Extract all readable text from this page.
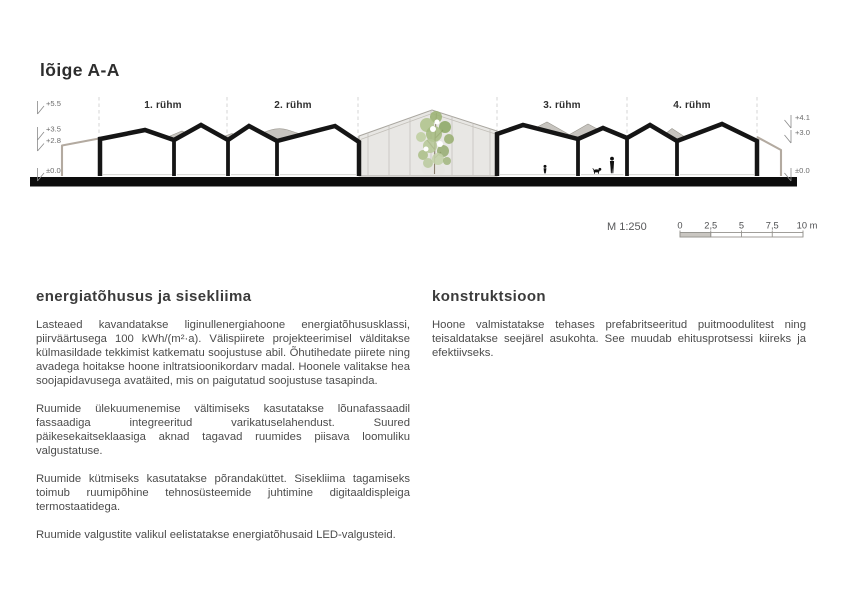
lõige A-A
1. rühm	2. rühm	3. rühm	4. rühm
+5.5
+3.5
+2.8
±0.0
+4.1
+3.0
±0.0
M 1:250	0 2,5 5 7,5 10 m
energiatõhusus ja sisekliima

Lasteaed kavandatakse liginullenergiahoone energiatõhususklassi, piirväärtusega 100 kWh/(m²·a). Välispiirete projekteerimisel välditakse külmasildade tekkimist katkematu soojustuse abil. Õhutihedate piirete ning avadega hoitakse hoone inltratsioonikordarv madal. Hoonele valitakse hea soojapidavusega avatäited, mis on paigutatud soojustuse tasapinda.

Ruumide ülekuumenemise vältimiseks kasutatakse lõunafassaadil fassaadiga integreeritud varikatuselahendust. Suured päikesekaitseklaasiga aknad tagavad ruumides piisava loomuliku valgustatuse.

Ruumide kütmiseks kasutatakse põrandaküttet. Sisekliima tagamiseks toimub ruumipõhine tehnosüsteemide juhtimine digitaaldispleiga termostaatidega.

Ruumide valgustite valikul eelistatakse energiatõhusaid LED-valgusteid.

konstruktsioon

Hoone valmistatakse tehases prefabritseeritud puitmoodulitest ning teisaldatakse seejärel asukohta. See muudab ehitusprotsessi kiireks ja efektiivseks.
